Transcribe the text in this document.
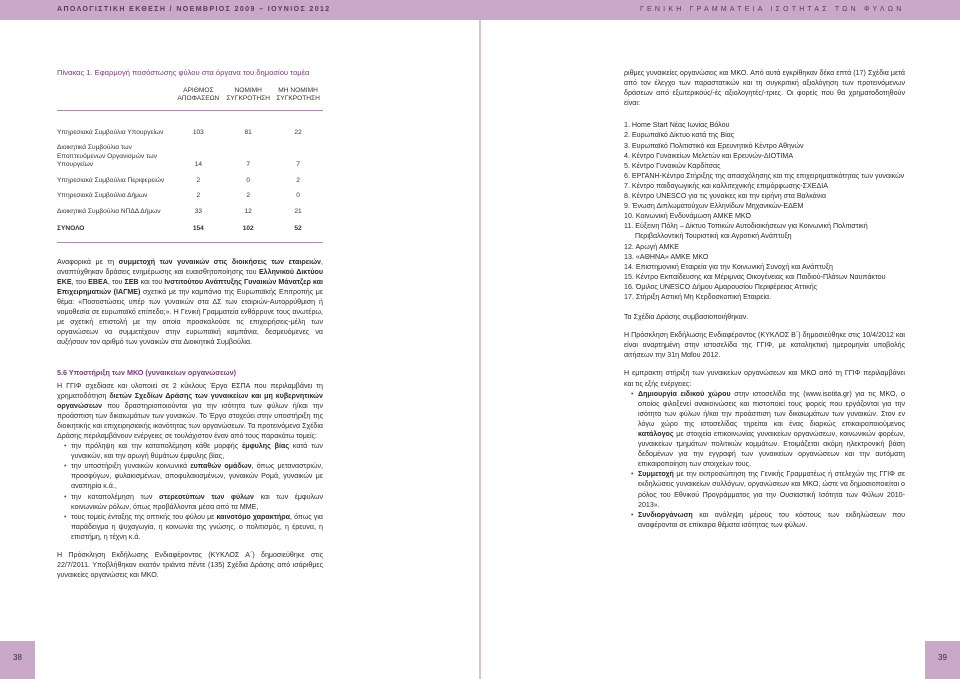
ΑΠΟΛΟΓΙΣΤΙΚΗ ΕΚΘΕΣΗ / ΝΟΕΜΒΡΙΟΣ 2009 – ΙΟΥΝΙΟΣ 2012	ΓΕΝΙΚΗ ΓΡΑΜΜΑΤΕΙΑ ΙΣΟΤΗΤΑΣ ΤΩΝ ΦΥΛΩΝ
Πίνακας 1. Εφαρμογή ποσόστωσης φύλου στα όργανα του δημοσίου τομέα
	ΑΡΙΘΜΟΣ ΑΠΟΦΑΣΕΩΝ	ΝΟΜΙΜΗ ΣΥΓΚΡΟΤΗΣΗ	ΜΗ ΝΟΜΙΜΗ ΣΥΓΚΡΟΤΗΣΗ

Υπηρεσιακά Συμβούλια Υπουργείων	103	81	22
Διοικητικά Συμβούλια των Εποπτευόμενων Οργανισμών των Υπουργείων	14	7	7
Υπηρεσιακά Συμβούλια Περιφερειών	2	0	2
Υπηρεσιακά Συμβούλια Δήμων	2	2	0
Διοικητικά Συμβούλια ΝΠΔΔ Δήμων	33	12	21
ΣΥΝΟΛΟ	154	102	52

Αναφορικά με τη συμμετοχή των γυναικών στις διοικήσεις των εταιρειών, αναπτύχθηκαν δράσεις ενημέρωσης και ευαισθητοποίησης του Ελληνικού Δικτύου ΕΚΕ, του ΕΒΕΑ, του ΣΕΒ και του Ινστιτούτου Ανάπτυξης Γυναικών Μάνατζερ και Επιχειρηματιών (ΙΑΓΜΕ) σχετικά με την καμπάνια της Ευρωπαϊκής Επιτροπής με θέμα: «Ποσοστώσεις υπέρ των γυναικών στα ΔΣ των εταιριών-Αυτορρύθμιση ή νομοθεσία σε ευρωπαϊκό επίπεδο;». Η Γενική Γραμματεία ενθάρρυνε τους ανωτέρω, με σχετική επιστολή με την οποία προσκαλούσε τις επιχειρήσεις-μέλη των οργανώσεων να συμμετέχουν στην ευρωπαϊκή καμπάνια, δεσμευόμενες να αυξήσουν τον αριθμό των γυναικών στα Διοικητικά Συμβούλια.

5.6 Υποστήριξη των ΜΚΟ (γυναικείων οργανώσεων)

Η ΓΓΙΦ σχεδίασε και υλοποιεί σε 2 κύκλους Έργο ΕΣΠΑ που περιλαμβάνει τη χρηματοδότηση διετών Σχεδίων Δράσης των γυναικείων και μη κυβερνητικών οργανώσεων που δραστηριοποιούνται για την ισότητα των φύλων ή/και την προάσπιση των δικαιωμάτων των γυναικών. Το Έργο στοχεύει στην υποστήριξη της διοικητικής και επιχειρησιακής ικανότητας των οργανώσεων. Τα προτεινόμενα Σχέδια Δράσης περιλαμβάνουν ενέργειες σε τουλάχιστον έναν από τους παρακάτω τομείς:

• την πρόληψη και την καταπολέμηση κάθε μορφής έμφυλης βίας κατά των γυναικών, και την αρωγή θυμάτων έμφυλης βίας,
• την υποστήριξη γυναικών κοινωνικά ευπαθών ομάδων, όπως μεταναστριών, προσφύγων, φυλακισμένων, αποφυλακισμένων, γυναικών Ρομά, γυναικών με αναπηρία κ.ά.,
• την καταπολέμηση των στερεοτύπων των φύλων και των έμφυλων κοινωνικών ρόλων, όπως προβάλλονται μέσα από τα ΜΜΕ,
• τους τομείς ένταξης της οπτικής του φύλου με καινοτόμο χαρακτήρα, όπως για παράδειγμα η ψυχαγωγία, η κοινωνία της γνώσης, ο πολιτισμός, η έρευνα, η επιστήμη, η τέχνη κ.ά.

Η Πρόσκληση Εκδήλωσης Ενδιαφέροντος (ΚΥΚΛΟΣ Α΄) δημοσιεύθηκε στις 22/7/2011. Υποβλήθηκαν εκατόν τριάντα πέντε (135) Σχέδια Δράσης από ισάριθμες γυναικείες οργανώσεις και ΜΚΟ.

ριθμες γυναικείες οργανώσεις και ΜΚΟ. Από αυτά εγκρίθηκαν δέκα επτά (17) Σχέδια μετά από τον έλεγχο των παραστατικών και τη συγκριτική αξιολόγηση των προτεινόμενων δράσεων από εξωτερικούς/-ές αξιολογητές/-τριες. Οι φορείς που θα χρηματοδοτηθούν είναι:

1. Home Start Νέας Ιωνίας Βόλου
2. Ευρωπαϊκό Δίκτυο κατά της Βίας
3. Ευρωπαϊκό Πολιτιστικό και Ερευνητικό Κέντρο Αθηνών
4. Κέντρο Γυναικείων Μελετών και Ερευνών-ΔΙΟΤΙΜΑ
5. Κέντρο Γυναικών Καρδίτσας
6. ΕΡΓΑΝΗ-Κέντρο Στήριξης της απασχόλησης και της επιχειρηματικότητας των γυναικών
7. Κέντρο παιδαγωγικής και καλλιτεχνικής επιμόρφωσης-ΣΧΕΔΙΑ
8. Κέντρο UNESCO για τις γυναίκες και την ειρήνη στα Βαλκάνια
9. Ένωση Διπλωματούχων Ελληνίδων Μηχανικών-ΕΔΕΜ
10. Κοινωνική Ενδυνάμωση ΑΜΚΕ ΜΚΟ
11. Εύξεινη Πόλη – Δίκτυο Τοπικών Αυτοδιοικήσεων για Κοινωνική Πολιτιστική Περιβαλλοντική Τουριστική και Αγροτική Ανάπτυξη
12. Αρωγή ΑΜΚΕ
13. «ΑΘΗΝΑ» ΑΜΚΕ ΜΚΟ
14. Επιστημονική Εταιρεία για την Κοινωνική Συνοχή και Ανάπτυξη
15. Κέντρο Εκπαίδευσης και Μέριμνας Οικογένειας και Παιδιού-Πλάτων Ναυπάκτου
16. Όμιλος UNESCO Δήμου Αμαρουσίου Περιφέρειας Αττικής
17. Στήριξη Αστική Μη Κερδοσκοπική Εταιρεία.

Τα Σχέδια Δράσης συμβασιοποιήθηκαν.

Η Πρόσκληση Εκδήλωσης Ενδιαφέροντος (ΚΥΚΛΟΣ Β΄) δημοσιεύθηκε στις 10/4/2012 και είναι αναρτημένη στην ιστοσελίδα της ΓΓΙΦ, με καταληκτική ημερομηνία υποβολής αιτήσεων την 31η Μαΐου 2012.

Η εμπρακτη στήριξη των γυναικείων οργανώσεων και ΜΚΟ από τη ΓΓΙΦ περιλαμβάνει και τις εξής ενέργειες:

• Δημιουργία ειδικού χώρου στην ιστοσελίδα της (www.isotita.gr) για τις ΜΚΟ, ο οποίος φιλοξενεί ανακοινώσεις και πιστοποιεί τους φορείς που εργάζονται για την ισότητα των φύλων ή/και την προάσπιση των δικαιωμάτων των γυναικών. Στον εν λόγω χώρο της ιστοσελίδας τηρείται και ένας διαρκώς επικαιροποιούμενος κατάλογος με στοιχεία επικοινωνίας γυναικείων οργανώσεων, κοινωνικών φορέων, γυναικείων τμημάτων πολιτικών κομμάτων. Ετοιμάζεται ακόμη ηλεκτρονική βάση δεδομένων για την εγγραφή των γυναικείων οργανώσεων και την αυτόματη επικαιροποίηση των στοιχείων τους.
• Συμμετοχή με την εκπροσώπηση της Γενικής Γραμματέως ή στελεχών της ΓΓΙΦ σε εκδηλώσεις γυναικείων συλλόγων, οργανώσεων και ΜΚΟ, ώστε να δημοσιοποιείται ο ρόλος του Εθνικού Προγράμματος για την Ουσιαστική Ισότητα των Φύλων 2010-2013».
• Συνδιοργάνωση και ανάληψη μέρους του κόστους των εκδηλώσεων που αναφέρονται σε επίκαιρα θέματα ισότητας των φύλων.
38	39
